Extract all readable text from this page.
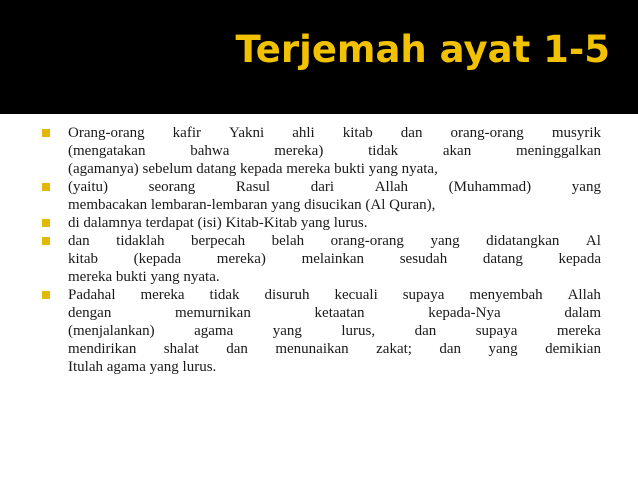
Terjemah ayat 1-5
Orang-orang kafir Yakni ahli kitab dan orang-orang musyrik
(mengatakan	bahwa	mereka)	tidak	akan	meninggalkan
(agamanya) sebelum datang kepada mereka bukti yang nyata,
(yaitu)	seorang	Rasul	dari	Allah	(Muhammad)	yang
membacakan lembaran-lembaran yang disucikan (Al Quran),
di dalamnya terdapat (isi) Kitab-Kitab yang lurus.
dan tidaklah berpecah belah orang-orang yang didatangkan Al
kitab (kepada mereka) melainkan sesudah datang kepada
mereka bukti yang nyata.
Padahal mereka tidak disuruh kecuali supaya menyembah Allah
dengan	memurnikan	ketaatan	kepada-Nya	dalam
(menjalankan)	agama	yang	lurus,	dan	supaya	mereka
mendirikan shalat dan menunaikan zakat; dan yang demikian
Itulah agama yang lurus.
